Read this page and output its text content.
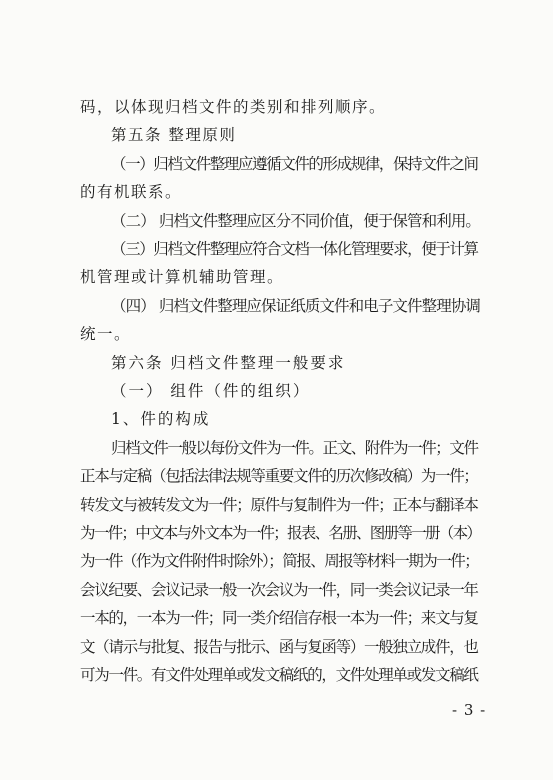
码，以体现归档文件的类别和排列顺序。
第五条 整理原则
（一）归档文件整理应遵循文件的形成规律，保持文件之间
的有机联系。
（二） 归档文件整理应区分不同价值，便于保管和利用。
（三）归档文件整理应符合文档一体化管理要求，便于计算
机管理或计算机辅助管理。
（四） 归档文件整理应保证纸质文件和电子文件整理协调
统一。
第六条 归档文件整理一般要求
（一） 组件（件的组织）
1、件的构成
归档文件一般以每份文件为一件。正文、附件为一件；文件
正本与定稿（包括法律法规等重要文件的历次修改稿）为一件；
转发文与被转发文为一件；原件与复制件为一件；正本与翻译本
为一件；中文本与外文本为一件；报表、名册、图册等一册（本）
为一件（作为文件附件时除外）；简报、周报等材料一期为一件；
会议纪要、会议记录一般一次会议为一件，同一类会议记录一年
一本的，一本为一件；同一类介绍信存根一本为一件；来文与复
文（请示与批复、报告与批示、函与复函等）一般独立成件，也
可为一件。有文件处理单或发文稿纸的，文件处理单或发文稿纸
- 3 -
